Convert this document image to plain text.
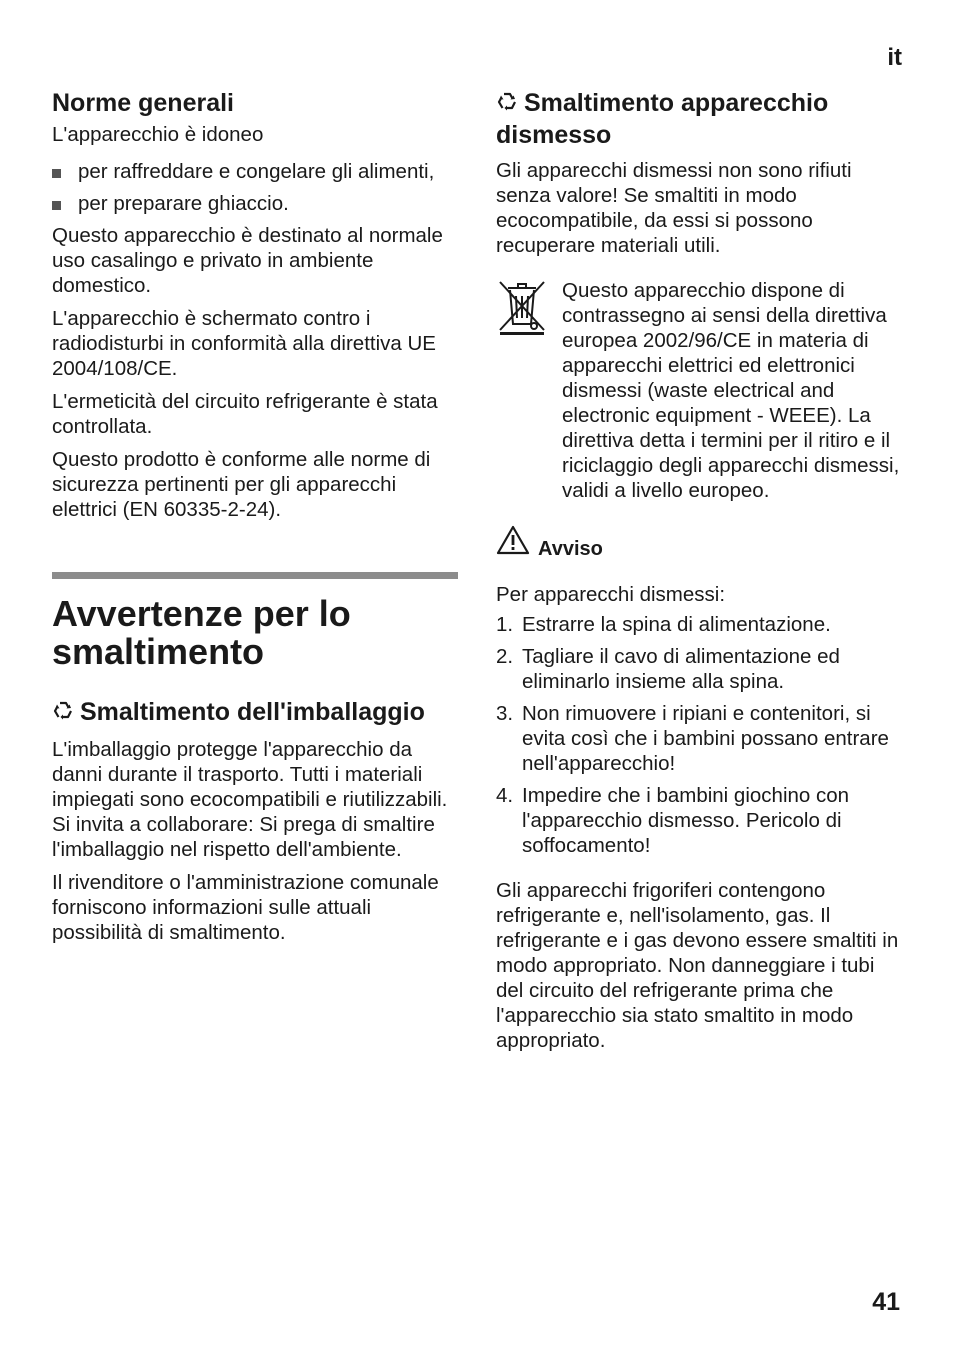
it
Norme generali

L'apparecchio è idoneo

per raffreddare e congelare gli alimenti,
per preparare ghiaccio.

Questo apparecchio è destinato al normale uso casalingo e privato in ambiente domestico.

L'apparecchio è schermato contro i radiodisturbi in conformità alla direttiva UE 2004/108/CE.

L'ermeticità del circuito refrigerante è stata controllata.

Questo prodotto è conforme alle norme di sicurezza pertinenti per gli apparecchi elettrici (EN 60335-2-24).

Avvertenze per lo smaltimento
Smaltimento dell'imballaggio

L'imballaggio protegge l'apparecchio da danni durante il trasporto. Tutti i materiali impiegati sono ecocompatibili e riutilizzabili. Si invita a collaborare: Si prega di smaltire l'imballaggio nel rispetto dell'ambiente.

Il rivenditore o l'amministrazione comunale forniscono informazioni sulle attuali possibilità di smaltimento.

Smaltimento apparecchio dismesso

Gli apparecchi dismessi non sono rifiuti senza valore! Se smaltiti in modo ecocompatibile, da essi si possono recuperare materiali utili.

Questo apparecchio dispone di contrassegno ai sensi della direttiva europea 2002/96/CE in materia di apparecchi elettrici ed elettronici dismessi (waste electrical and electronic equipment - WEEE). La direttiva detta i termini per il ritiro e il riciclaggio degli apparecchi dismessi, validi a livello europeo.

Avviso

Per apparecchi dismessi:

1. Estrarre la spina di alimentazione.
2. Tagliare il cavo di alimentazione ed eliminarlo insieme alla spina.
3. Non rimuovere i ripiani e contenitori, si evita così che i bambini possano entrare nell'apparecchio!
4. Impedire che i bambini giochino con l'apparecchio dismesso. Pericolo di soffocamento!

Gli apparecchi frigoriferi contengono refrigerante e, nell'isolamento, gas. Il refrigerante e i gas devono essere smaltiti in modo appropriato. Non danneggiare i tubi del circuito del refrigerante prima che l'apparecchio sia stato smaltito in modo appropriato.

41
